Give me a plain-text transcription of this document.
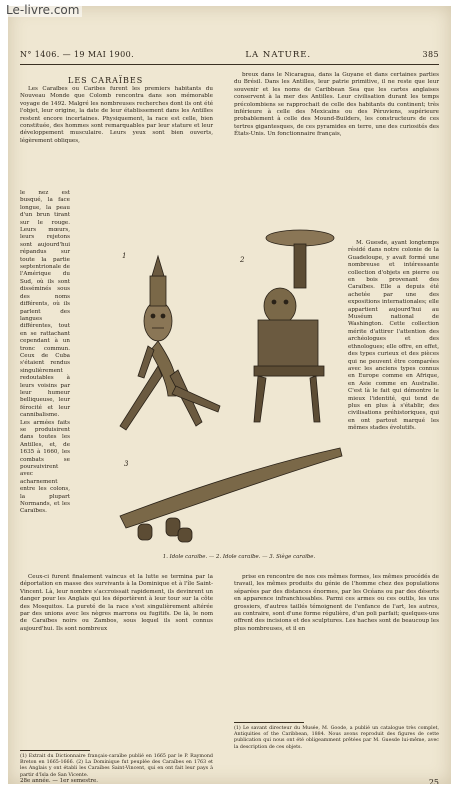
N° 1406. — 19 MAI 1900.	LA NATURE.	385
LES CARAÏBES

Les Caraïbes ou Caribes furent les premiers habitants du Nouveau Monde que Colomb rencontra dans son mémorable voyage de 1492. Malgré les nombreuses recherches dont ils ont été l'objet, leur origine, la date de leur établissement dans les Antilles restent encore incertaines. Physiquement, la race est celle, bien constituée, des hommes sont remarquables par leur stature et leur développement musculaire. Leurs yeux sont bien ouverts, légèrement obliques,

le nez est busqué, la face longue, la peau d'un brun tirant sur le rouge. Leurs mœurs, leurs rejetons sont aujourd'hui répandus sur toute la partie septentrionale de l'Amérique du Sud, où ils sont disséminés sous des noms différents, où ils parlent des langues différentes, tout en se rattachant cependant à un tronc commun. Ceux de Cuba s'étaient rendus singulièrement redoutables à leurs voisins par leur humeur belliqueuse, leur férocité et leur cannibalisme. Les armées faits se produisirent dans toutes les Antilles, et, de 1635 à 1660, les combats se poursuivirent avec acharnement entre les colons, la plupart Normands, et les Caraïbes.

breux dans le Nicaragua, dans la Guyane et dans certaines parties du Brésil. Dans les Antilles, leur patrie primitive, il ne reste que leur souvenir et les noms de Caribbean Sea que les cartes anglaises conservent à la mer des Antilles. Leur civilisation durant les temps précolombiens se rapprochait de celle des habitants du continent; très inférieure à celle des Mexicains ou des Péruviens, supérieure probablement à celle des Mound-Builders, les constructeurs de ces tertres gigantesques, de ces pyramides en terre, une des curiosités des États-Unis. Un fonctionnaire français,

M. Guesde, ayant longtemps résidé dans notre colonie de la Guadeloupe, y avait formé une nombreuse et intéressante collection d'objets en pierre ou en bois provenant des Caraïbes. Elle a depuis été achetée par une des expositions internationales; elle appartient aujourd'hui au Muséum national de Washington. Cette collection mérite d'attirer l'attention des archéologues et des ethnologues; elle offre, en effet, des types curieux et des pièces qui ne peuvent être comparées avec les anciens types connus en Europe comme en Afrique, en Asie comme en Australie. C'est là le fait qui démontre le mieux l'identité, qui tend de plus en plus à s'établir, des civilisations préhistoriques, qui en ont partout marqué les mêmes stades évolutifs.

1	2
3
1. Idole caraïbe. — 2. Idole caraïbe. — 3. Siège caraïbe.

Ceux-ci furent finalement vaincus et la lutte se termina par la déportation en masse des survivants à la Dominique et à l'île Saint-Vincent. Là, leur nombre s'accroissait rapidement, ils devinrent un danger pour les Anglais qui les déportèrent à leur tour sur la côte des Mosquitos. La pureté de la race s'est singulièrement altérée par des unions avec les nègres marrons ou fugitifs. De là, le nom de Caraïbes noirs ou Zambos, sous lequel ils sont connus aujourd'hui. Ils sont nombreux

prise en rencontre de nos ces mêmes formes, les mêmes procédés de travail, les mêmes produits du génie de l'homme chez des populations séparées par des distances énormes, par les Océans ou par des déserts en apparence infranchissables. Parmi ces armes ou ces outils, les uns grossiers, d'autres taillés témoignent de l'enfance de l'art, les autres, au contraire, sont d'une forme régulière, d'un poli parfait; quelques-uns offrent des incisions et des sculptures. Les haches sont de beaucoup les plus nombreuses, et il en

(1) Extrait du Dictionnaire français-caraïbe publié en 1665 par le P. Raymond Breton en 1665-1666. (2) La Dominique fut peuplée des Caraïbes en 1763 et les Anglais y ont établi les Caraïbes Saint-Vincent, qui en ont fait leur pays à partir d'Isla de San Vicente.
(1) Le savant directeur du Musée, M. Goode, a publié un catalogue très complet, Antiquities of the Caribbean, 1884. Nous avons reproduit des figures de cette publication qui nous ont été obligeamment prêtées par M. Guesde lui-même, avec la description de ces objets.
28e année. — 1er semestre.	25
Le-livre.com
